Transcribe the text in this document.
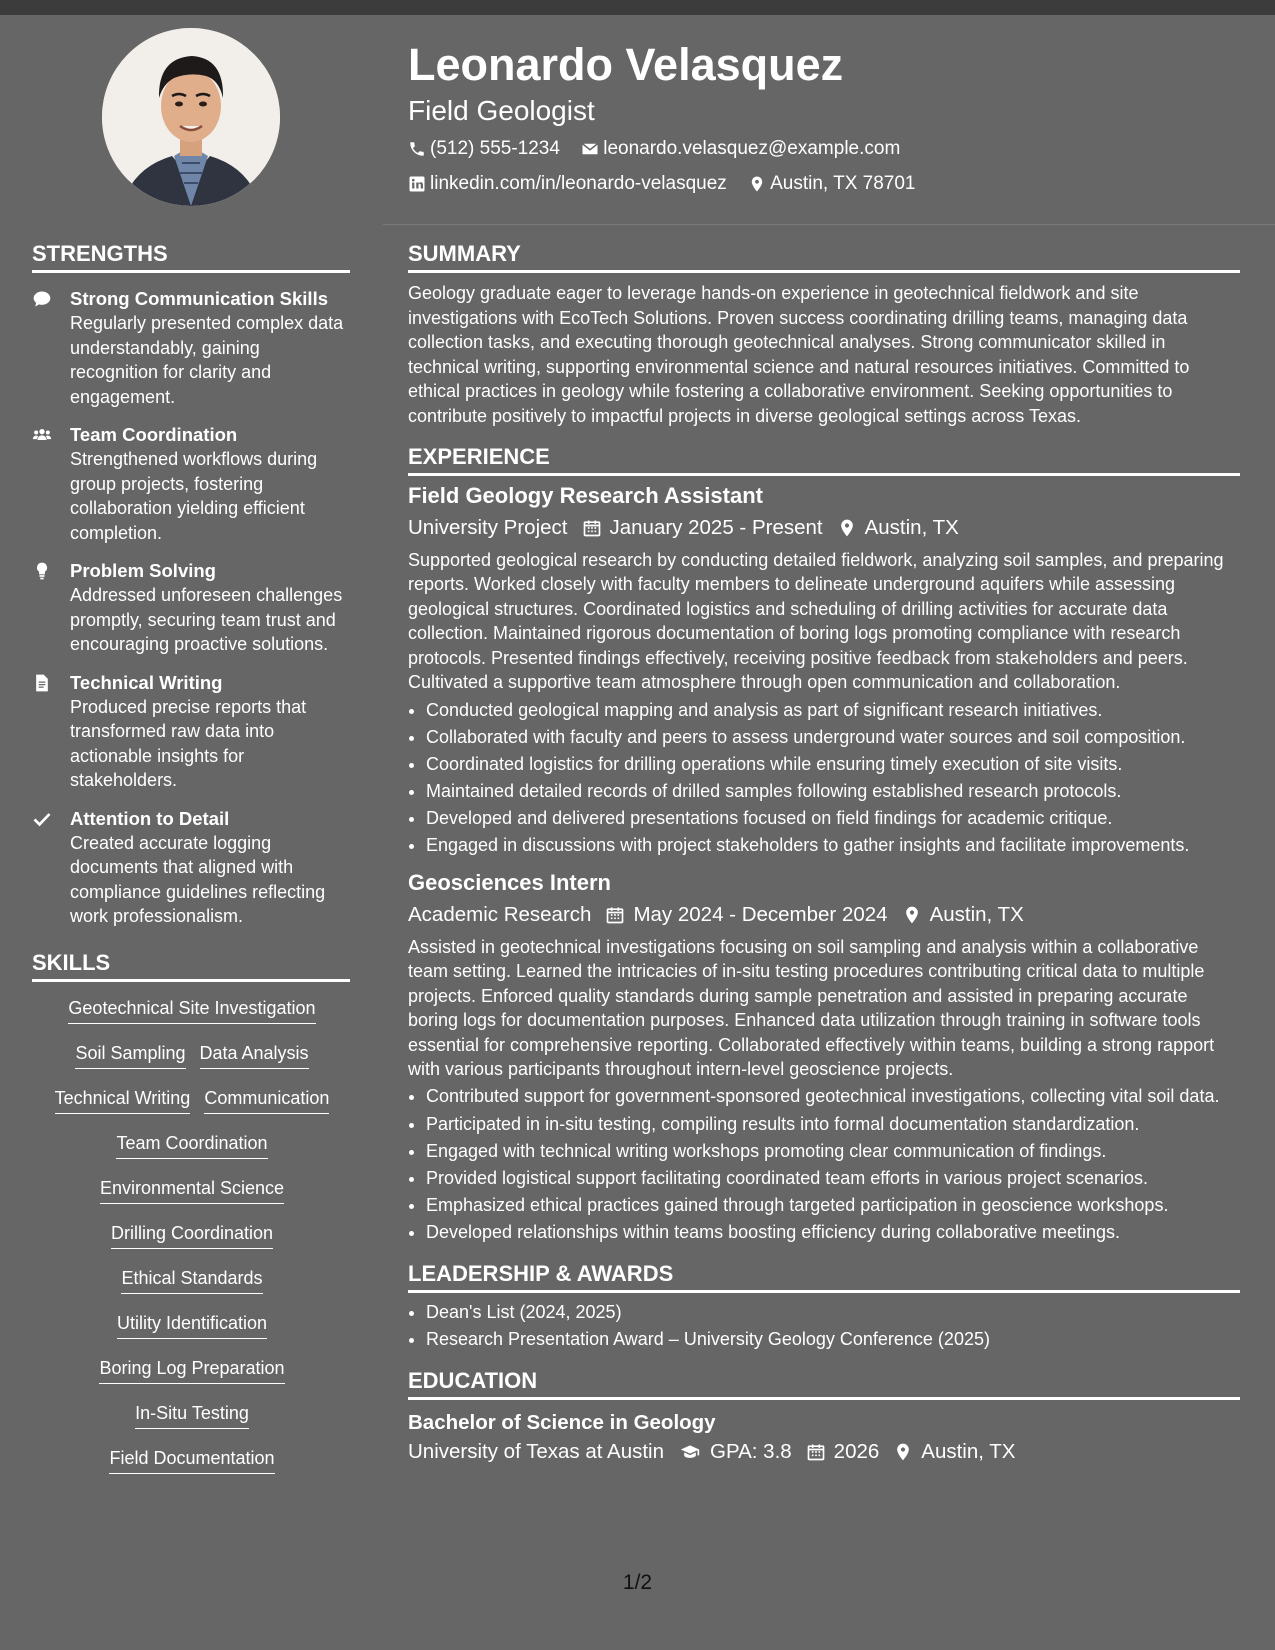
Leonardo Velasquez
Field Geologist
(512) 555-1234
leonardo.velasquez@example.com
linkedin.com/in/leonardo-velasquez
Austin, TX 78701
STRENGTHS
Strong Communication Skills
Regularly presented complex data understandably, gaining recognition for clarity and engagement.
Team Coordination
Strengthened workflows during group projects, fostering collaboration yielding efficient completion.
Problem Solving
Addressed unforeseen challenges promptly, securing team trust and encouraging proactive solutions.
Technical Writing
Produced precise reports that transformed raw data into actionable insights for stakeholders.
Attention to Detail
Created accurate logging documents that aligned with compliance guidelines reflecting work professionalism.
SKILLS
Geotechnical Site Investigation
Soil Sampling Data Analysis
Technical Writing Communication
Team Coordination
Environmental Science
Drilling Coordination
Ethical Standards
Utility Identification
Boring Log Preparation
In-Situ Testing
Field Documentation
SUMMARY
Geology graduate eager to leverage hands-on experience in geotechnical fieldwork and site investigations with EcoTech Solutions. Proven success coordinating drilling teams, managing data collection tasks, and executing thorough geotechnical analyses. Strong communicator skilled in technical writing, supporting environmental science and natural resources initiatives. Committed to ethical practices in geology while fostering a collaborative environment. Seeking opportunities to contribute positively to impactful projects in diverse geological settings across Texas.
EXPERIENCE
Field Geology Research Assistant
University Project January 2025 - Present Austin, TX
Supported geological research by conducting detailed fieldwork, analyzing soil samples, and preparing reports. Worked closely with faculty members to delineate underground aquifers while assessing geological structures. Coordinated logistics and scheduling of drilling activities for accurate data collection. Maintained rigorous documentation of boring logs promoting compliance with research protocols. Presented findings effectively, receiving positive feedback from stakeholders and peers. Cultivated a supportive team atmosphere through open communication and collaboration.
• Conducted geological mapping and analysis as part of significant research initiatives.
• Collaborated with faculty and peers to assess underground water sources and soil composition.
• Coordinated logistics for drilling operations while ensuring timely execution of site visits.
• Maintained detailed records of drilled samples following established research protocols.
• Developed and delivered presentations focused on field findings for academic critique.
• Engaged in discussions with project stakeholders to gather insights and facilitate improvements.
Geosciences Intern
Academic Research May 2024 - December 2024 Austin, TX
Assisted in geotechnical investigations focusing on soil sampling and analysis within a collaborative team setting. Learned the intricacies of in-situ testing procedures contributing critical data to multiple projects. Enforced quality standards during sample penetration and assisted in preparing accurate boring logs for documentation purposes. Enhanced data utilization through training in software tools essential for comprehensive reporting. Collaborated effectively within teams, building a strong rapport with various participants throughout intern-level geoscience projects.
• Contributed support for government-sponsored geotechnical investigations, collecting vital soil data.
• Participated in in-situ testing, compiling results into formal documentation standardization.
• Engaged with technical writing workshops promoting clear communication of findings.
• Provided logistical support facilitating coordinated team efforts in various project scenarios.
• Emphasized ethical practices gained through targeted participation in geoscience workshops.
• Developed relationships within teams boosting efficiency during collaborative meetings.
LEADERSHIP & AWARDS
• Dean's List (2024, 2025)
• Research Presentation Award – University Geology Conference (2025)
EDUCATION
Bachelor of Science in Geology
University of Texas at Austin GPA: 3.8 2026 Austin, TX
1/2
